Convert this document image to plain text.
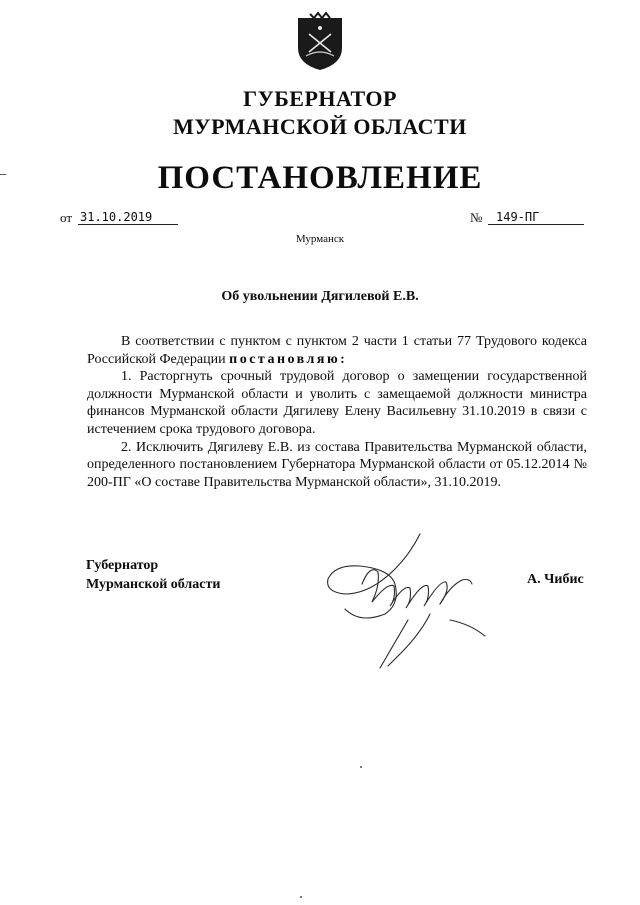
ГУБЕРНАТОР
МУРМАНСКОЙ ОБЛАСТИ
ПОСТАНОВЛЕНИЕ
от 31.10.2019	№	149-ПГ
Мурманск
Об увольнении Дягилевой Е.В.

В соответствии с пунктом с пунктом 2 части 1 статьи 77 Трудового кодекса Российской Федерации постановляю:

1. Расторгнуть срочный трудовой договор о замещении государственной должности Мурманской области и уволить с замещаемой должности министра финансов Мурманской области Дягилеву Елену Васильевну 31.10.2019 в связи с истечением срока трудового договора.

2. Исключить Дягилеву Е.В. из состава Правительства Мурманской области, определенного постановлением Губернатора Мурманской области от 05.12.2014 № 200-ПГ «О составе Правительства Мурманской области», 31.10.2019.

Губернатор
Мурманской области	А. Чибис
